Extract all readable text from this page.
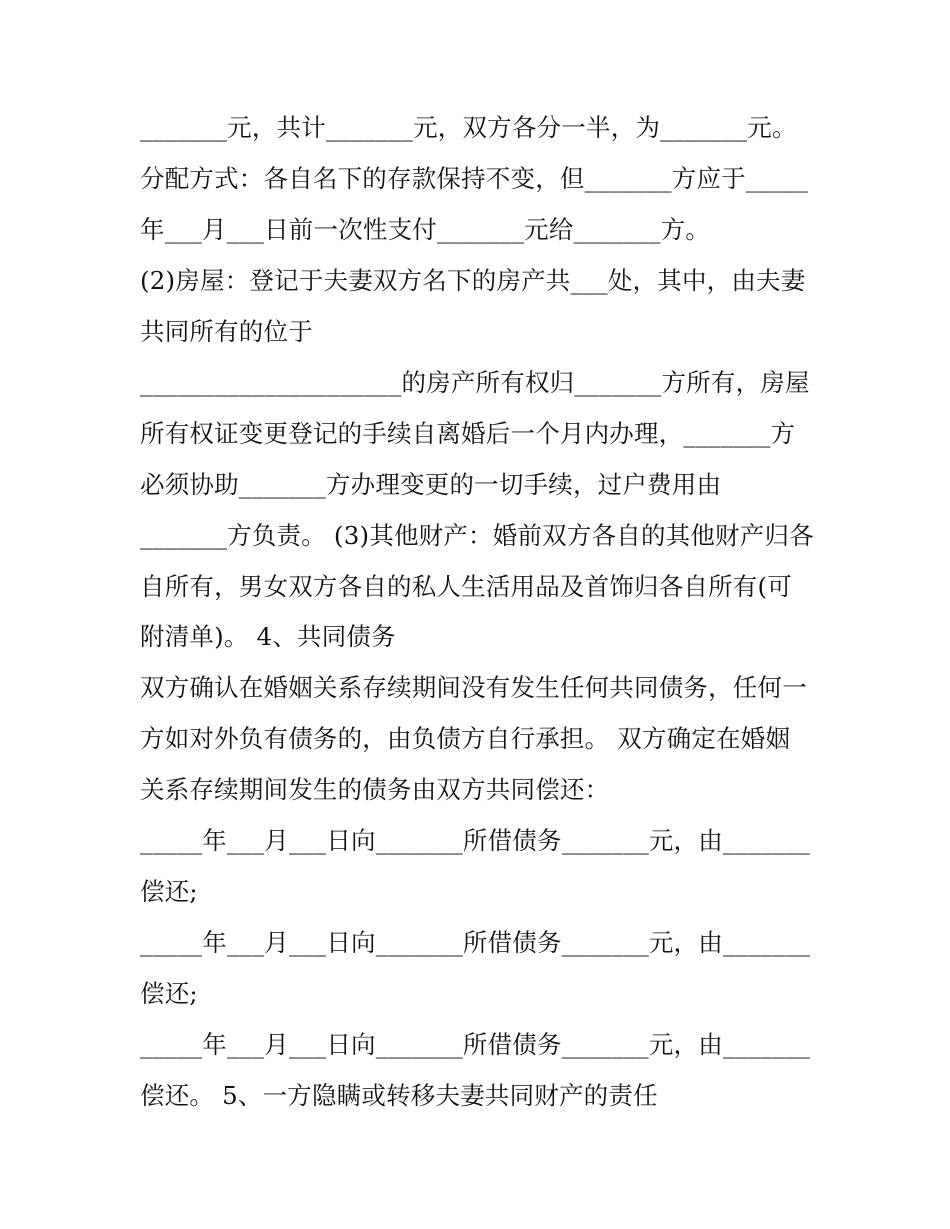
_______元，共计_______元，双方各分一半，为_______元。
分配方式：各自名下的存款保持不变，但_______方应于_____
年___月___日前一次性支付_______元给_______方。
(2)房屋：登记于夫妻双方名下的房产共___处，其中，由夫妻
共同所有的位于
_____________________的房产所有权归_______方所有，房屋
所有权证变更登记的手续自离婚后一个月内办理，_______方
必须协助_______方办理变更的一切手续，过户费用由
_______方负责。 (3)其他财产：婚前双方各自的其他财产归各
自所有，男女双方各自的私人生活用品及首饰归各自所有(可
附清单)。 4、共同债务
双方确认在婚姻关系存续期间没有发生任何共同债务，任何一
方如对外负有债务的，由负债方自行承担。 双方确定在婚姻
关系存续期间发生的债务由双方共同偿还：
_____年___月___日向_______所借债务_______元，由_______
偿还;
_____年___月___日向_______所借债务_______元，由_______
偿还;
_____年___月___日向_______所借债务_______元，由_______
偿还。 5、一方隐瞒或转移夫妻共同财产的责任
